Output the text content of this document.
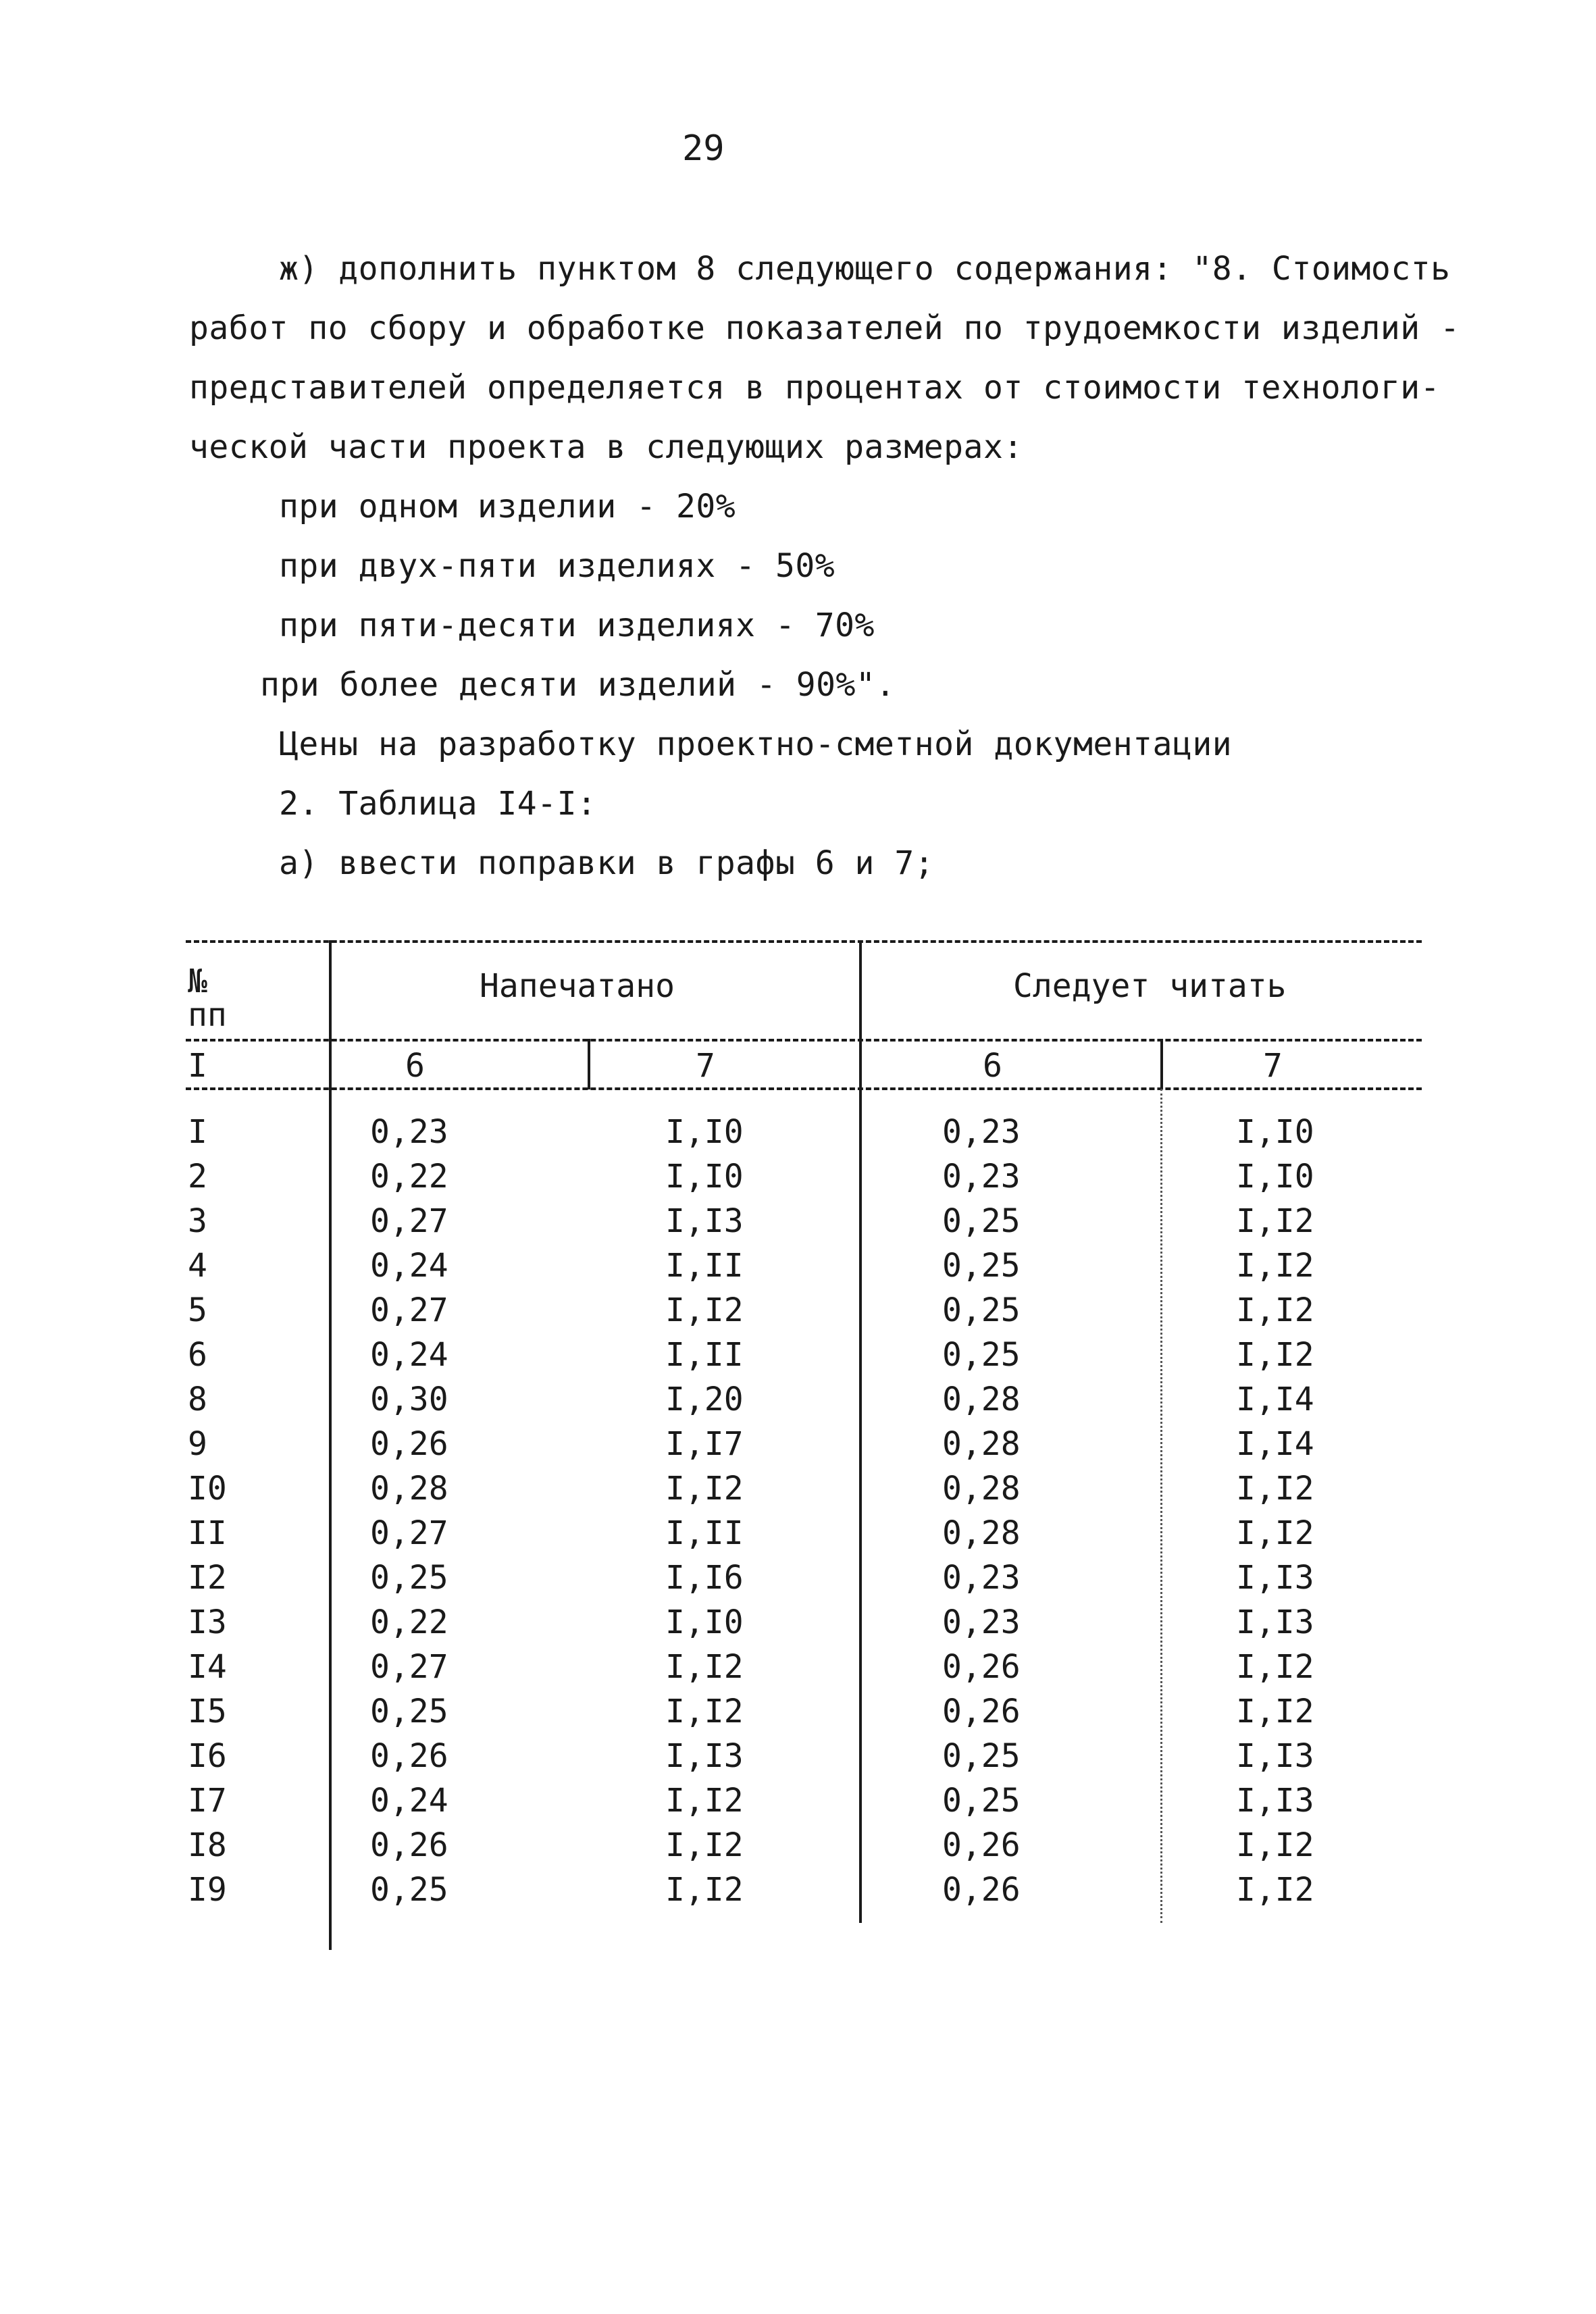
29
ж) дополнить пунктом 8 следующего содержания: "8. Стоимость
работ по сбору и обработке показателей по трудоемкости изделий -
представителей определяется в процентах от стоимости технологи-
ческой части проекта в следующих размерах:
при одном изделии - 20%
при двух-пяти изделиях - 50%
при пяти-десяти изделиях - 70%
при более десяти изделий - 90%".
Цены на разработку проектно-сметной документации
2. Таблица I4-I:
а) ввести поправки в графы 6 и 7;
№
пп
Напечатано	Следует читать
I	6	7	6	7
I	0,23	I,I0	0,23	I,I0
2	0,22	I,I0	0,23	I,I0
3	0,27	I,I3	0,25	I,I2
4	0,24	I,II	0,25	I,I2
5	0,27	I,I2	0,25	I,I2
6	0,24	I,II	0,25	I,I2
8	0,30	I,20	0,28	I,I4
9	0,26	I,I7	0,28	I,I4
I0	0,28	I,I2	0,28	I,I2
II	0,27	I,II	0,28	I,I2
I2	0,25	I,I6	0,23	I,I3
I3	0,22	I,I0	0,23	I,I3
I4	0,27	I,I2	0,26	I,I2
I5	0,25	I,I2	0,26	I,I2
I6	0,26	I,I3	0,25	I,I3
I7	0,24	I,I2	0,25	I,I3
I8	0,26	I,I2	0,26	I,I2
I9	0,25	I,I2	0,26	I,I2
